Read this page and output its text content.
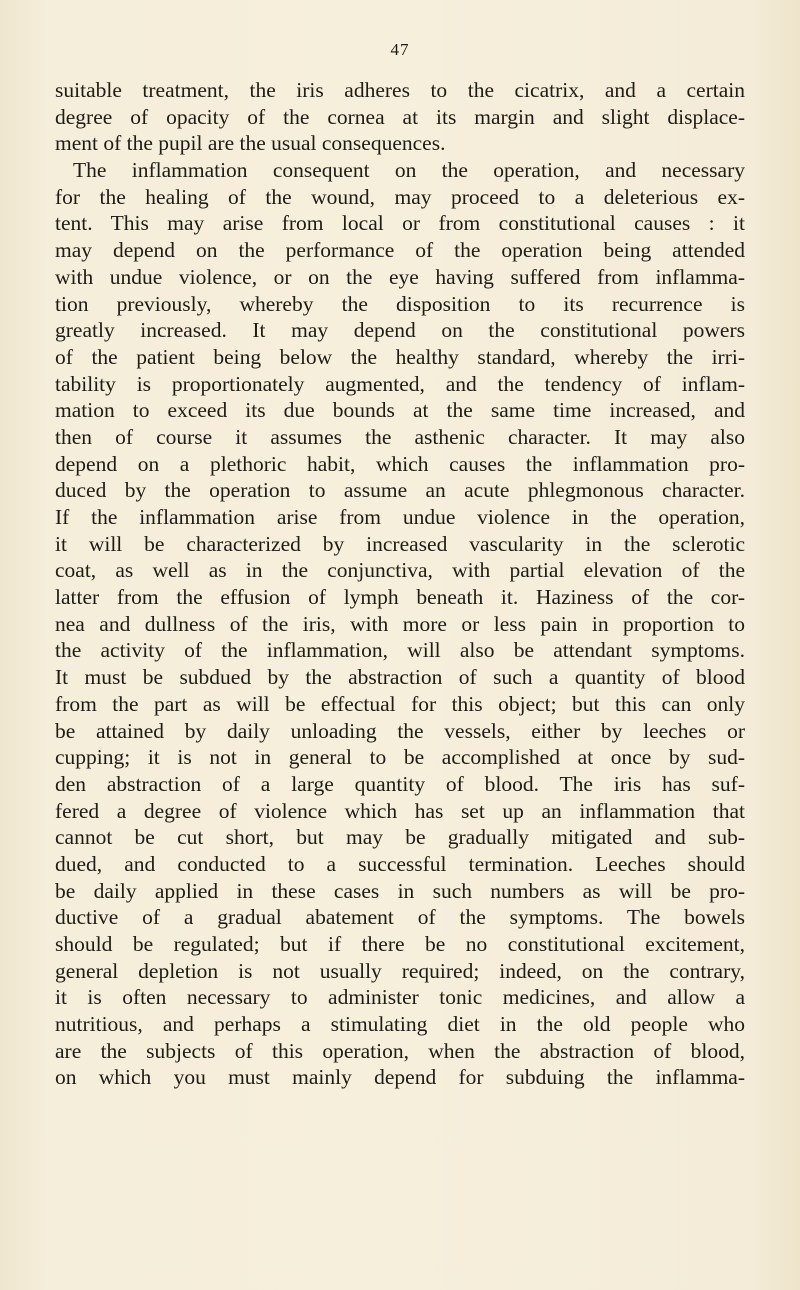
47
suitable treatment, the iris adheres to the cicatrix, and a certain
degree of opacity of the cornea at its margin and slight displace-
ment of the pupil are the usual consequences.
The inflammation consequent on the operation, and necessary
for the healing of the wound, may proceed to a deleterious ex-
tent. This may arise from local or from constitutional causes : it
may depend on the performance of the operation being attended
with undue violence, or on the eye having suffered from inflamma-
tion previously, whereby the disposition to its recurrence is
greatly increased. It may depend on the constitutional powers
of the patient being below the healthy standard, whereby the irri-
tability is proportionately augmented, and the tendency of inflam-
mation to exceed its due bounds at the same time increased, and
then of course it assumes the asthenic character. It may also
depend on a plethoric habit, which causes the inflammation pro-
duced by the operation to assume an acute phlegmonous character.
If the inflammation arise from undue violence in the operation,
it will be characterized by increased vascularity in the sclerotic
coat, as well as in the conjunctiva, with partial elevation of the
latter from the effusion of lymph beneath it. Haziness of the cor-
nea and dullness of the iris, with more or less pain in proportion to
the activity of the inflammation, will also be attendant symptoms.
It must be subdued by the abstraction of such a quantity of blood
from the part as will be effectual for this object; but this can only
be attained by daily unloading the vessels, either by leeches or
cupping; it is not in general to be accomplished at once by sud-
den abstraction of a large quantity of blood. The iris has suf-
fered a degree of violence which has set up an inflammation that
cannot be cut short, but may be gradually mitigated and sub-
dued, and conducted to a successful termination. Leeches should
be daily applied in these cases in such numbers as will be pro-
ductive of a gradual abatement of the symptoms. The bowels
should be regulated; but if there be no constitutional excitement,
general depletion is not usually required; indeed, on the contrary,
it is often necessary to administer tonic medicines, and allow a
nutritious, and perhaps a stimulating diet in the old people who
are the subjects of this operation, when the abstraction of blood,
on which you must mainly depend for subduing the inflamma-
